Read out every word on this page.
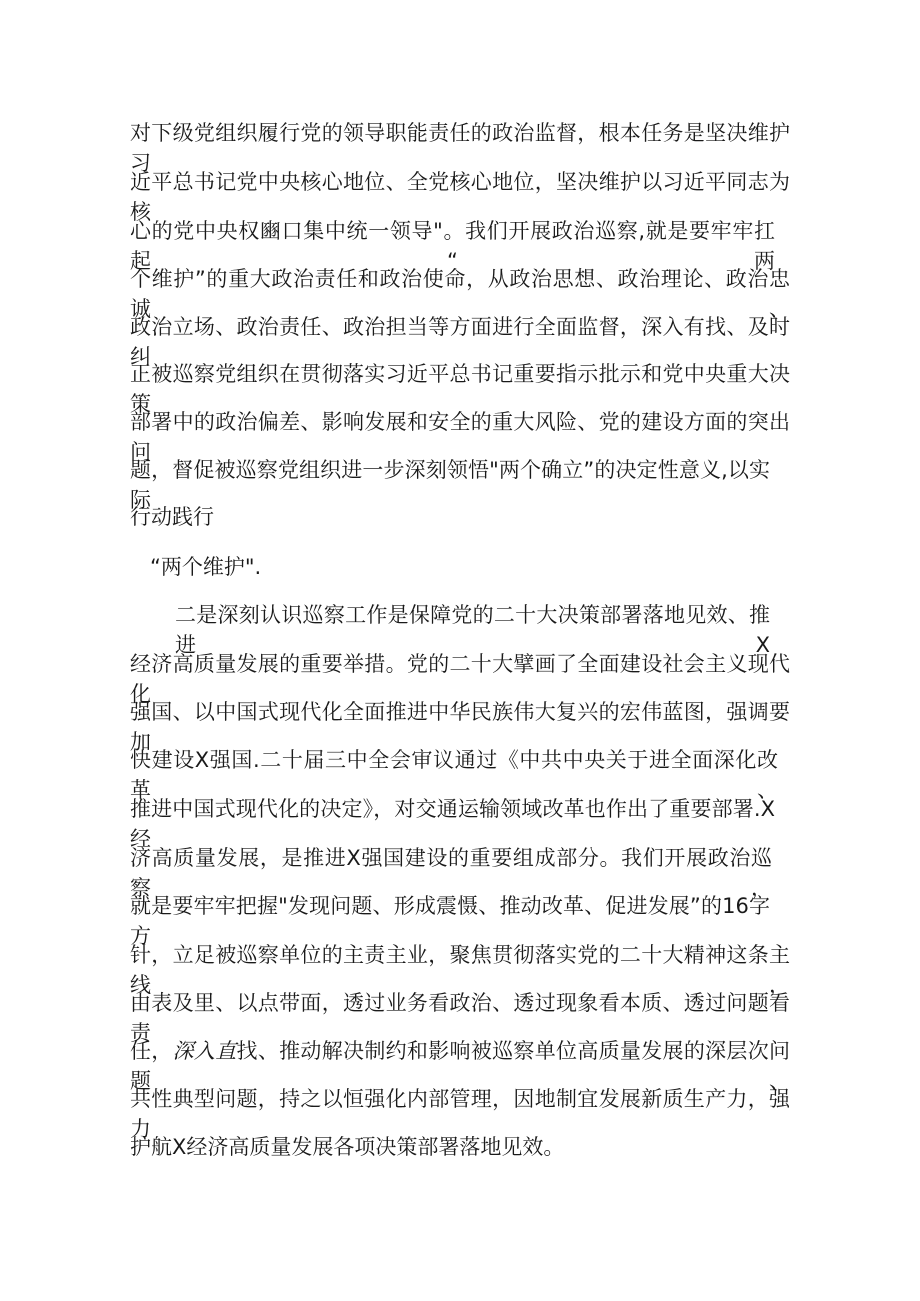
对下级党组织履行党的领导职能责任的政治监督，根本任务是坚决维护习
近平总书记党中央核心地位、全党核心地位，坚决维护以习近平同志为核
心的党中央权豳口集中统一领导"。我们开展政治巡察,就是要牢牢扛起“两
个维护”的重大政治责任和政治使命，从政治思想、政治理论、政治忠诚、
政治立场、政治责任、政治担当等方面进行全面监督，深入有找、及时纠
正被巡察党组织在贯彻落实习近平总书记重要指示批示和党中央重大决策
部署中的政治偏差、影响发展和安全的重大风险、党的建设方面的突出问
题，督促被巡察党组织进一步深刻领悟"两个确立”的决定性意义,以实际
行动践行
“两个维护".
二是深刻认识巡察工作是保障党的二十大决策部署落地见效、推进X
经济高质量发展的重要举措。党的二十大擘画了全面建设社会主义现代化
强国、以中国式现代化全面推进中华民族伟大复兴的宏伟蓝图，强调要加
快建设X强国.二十届三中全会审议通过《中共中央关于进全面深化改革、
推进中国式现代化的决定》，对交通运输领域改革也作出了重要部署.X经
济高质量发展，是推进X强国建设的重要组成部分。我们开展政治巡察，
就是要牢牢把握"发现问题、形成震慑、推动改革、促进发展”的16字方
针，立足被巡察单位的主责主业，聚焦贯彻落实党的二十大精神这条主线，
由表及里、以点带面，透过业务看政治、透过现象看本质、透过问题看责
任，深入直找、推动解决制约和影响被巡察单位高质量发展的深层次问题、
共性典型问题，持之以恒强化内部管理，因地制宜发展新质生产力，强力
护航X经济高质量发展各项决策部署落地见效。
